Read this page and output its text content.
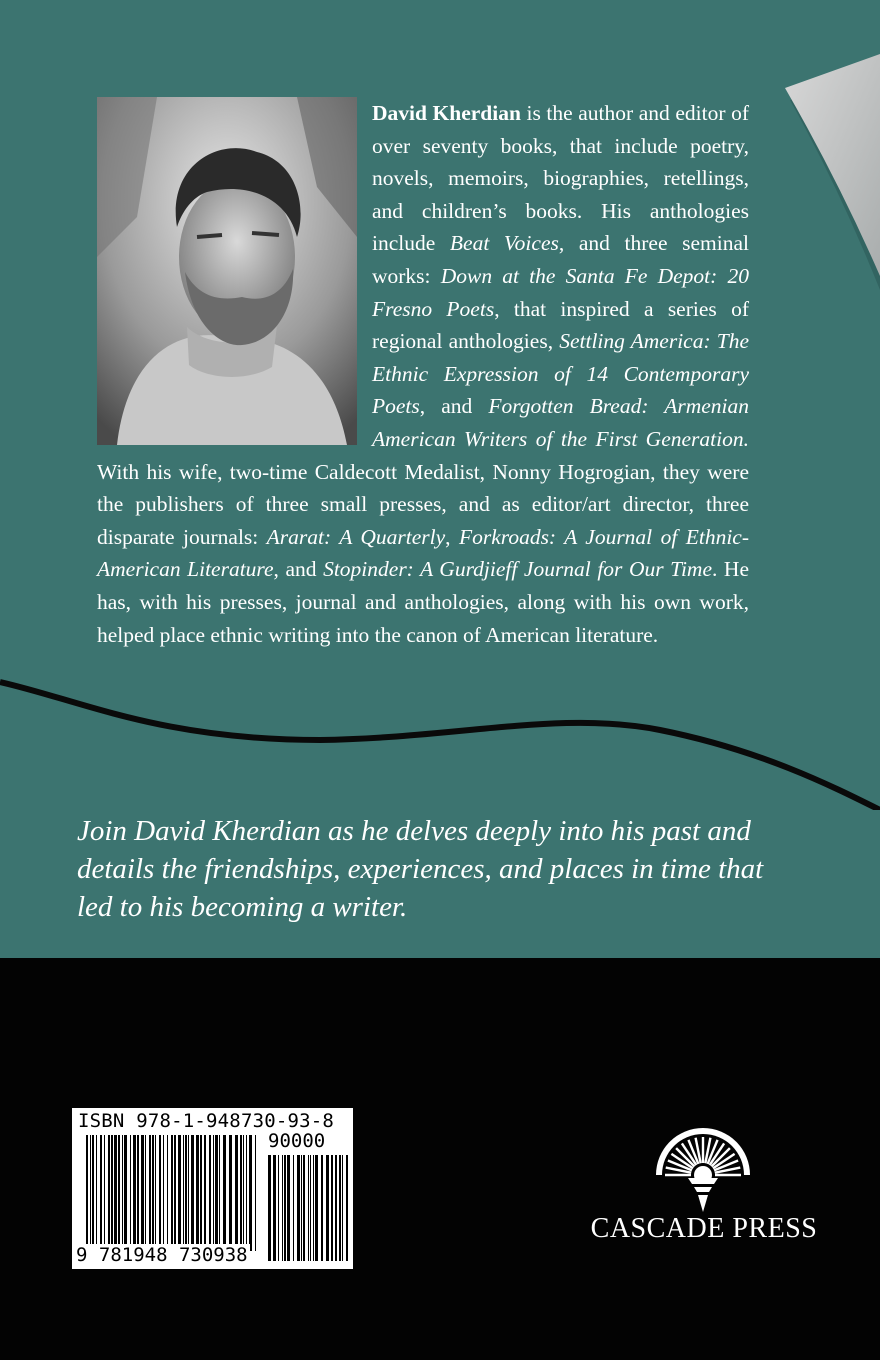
David Kherdian is the author and editor of over seventy books, that include poetry, novels, memoirs, biographies, retellings, and children’s books. His anthologies include Beat Voices, and three seminal works: Down at the Santa Fe Depot: 20 Fresno Poets, that inspired a series of regional anthologies, Settling America: The Ethnic Expression of 14 Contemporary Poets, and Forgotten Bread: Armenian American Writers of the First Generation. With his wife, two-time Caldecott Medalist, Nonny Hogrogian, they were the publishers of three small presses, and as editor/art director, three disparate journals: Ararat: A Quarterly, Forkroads: A Journal of Ethnic-American Literature, and Stopinder: A Gurdjieff Journal for Our Time. He has, with his presses, journal and anthologies, along with his own work, helped place ethnic writing into the canon of American literature.

Join David Kherdian as he delves deeply into his past and details the friendships, experiences, and places in time that led to his becoming a writer.

ISBN 978-1-948730-93-8
90000
9 781948 730938
CASCADE PRESS
